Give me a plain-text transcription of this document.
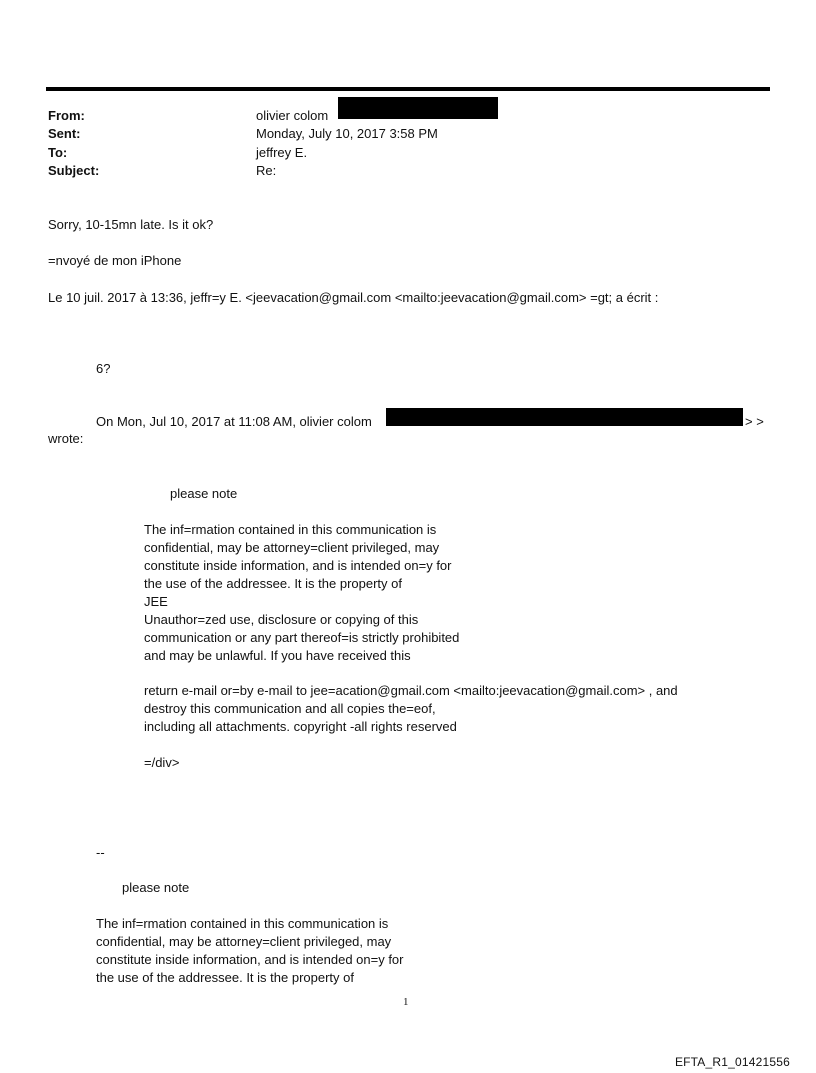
From:	olivier colom
Sent:	Monday, July 10, 2017 3:58 PM
To:	jeffrey E.
Subject:	Re:
Sorry, 10-15mn late. Is it ok?
=nvoyé de mon iPhone
Le 10 juil. 2017 à 13:36, jeffr=y E. <jeevacation@gmail.com <mailto:jeevacation@gmail.com> =gt; a écrit :
6?
On Mon, Jul 10, 2017 at 11:08 AM, olivier colom	> >
wrote:
please note
The inf=rmation contained in this communication is
confidential, may be attorney=client privileged, may
constitute inside information, and is intended on=y for
the use of the addressee. It is the property of
JEE
Unauthor=zed use, disclosure or copying of this
communication or any part thereof=is strictly prohibited
and may be unlawful. If you have received this
return e-mail or=by e-mail to jee=acation@gmail.com <mailto:jeevacation@gmail.com> , and
destroy this communication and all copies the=eof,
including all attachments. copyright -all rights reserved
=/div>
--
please note
The inf=rmation contained in this communication is
confidential, may be attorney=client privileged, may
constitute inside information, and is intended on=y for
the use of the addressee. It is the property of
1
EFTA_R1_01421556
